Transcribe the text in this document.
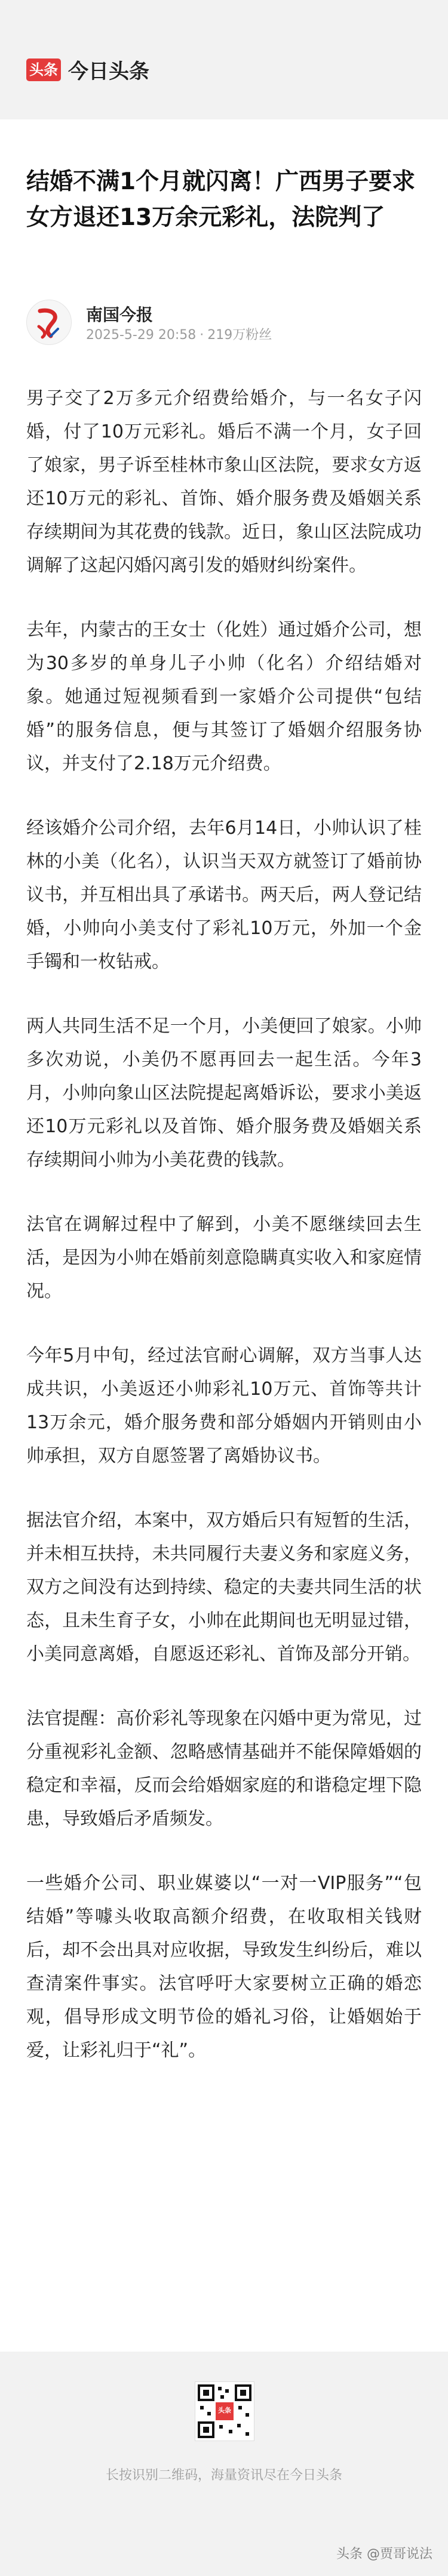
头条 今日头条
结婚不满1个月就闪离！广西男子要求女方退还13万余元彩礼，法院判了
南国今报
2025-5-29 20:58 · 219万粉丝

男子交了2万多元介绍费给婚介，与一名女子闪婚，付了10万元彩礼。婚后不满一个月，女子回了娘家，男子诉至桂林市象山区法院，要求女方返还10万元的彩礼、首饰、婚介服务费及婚姻关系存续期间为其花费的钱款。近日，象山区法院成功调解了这起闪婚闪离引发的婚财纠纷案件。

去年，内蒙古的王女士（化姓）通过婚介公司，想为30多岁的单身儿子小帅（化名）介绍结婚对象。她通过短视频看到一家婚介公司提供“包结婚”的服务信息，便与其签订了婚姻介绍服务协议，并支付了2.18万元介绍费。

经该婚介公司介绍，去年6月14日，小帅认识了桂林的小美（化名），认识当天双方就签订了婚前协议书，并互相出具了承诺书。两天后，两人登记结婚，小帅向小美支付了彩礼10万元，外加一个金手镯和一枚钻戒。

两人共同生活不足一个月，小美便回了娘家。小帅多次劝说，小美仍不愿再回去一起生活。今年3月，小帅向象山区法院提起离婚诉讼，要求小美返还10万元彩礼以及首饰、婚介服务费及婚姻关系存续期间小帅为小美花费的钱款。

法官在调解过程中了解到，小美不愿继续回去生活，是因为小帅在婚前刻意隐瞒真实收入和家庭情况。

今年5月中旬，经过法官耐心调解，双方当事人达成共识，小美返还小帅彩礼10万元、首饰等共计13万余元，婚介服务费和部分婚姻内开销则由小帅承担，双方自愿签署了离婚协议书。

据法官介绍，本案中，双方婚后只有短暂的生活，并未相互扶持，未共同履行夫妻义务和家庭义务，双方之间没有达到持续、稳定的夫妻共同生活的状态，且未生育子女，小帅在此期间也无明显过错，小美同意离婚，自愿返还彩礼、首饰及部分开销。

法官提醒：高价彩礼等现象在闪婚中更为常见，过分重视彩礼金额、忽略感情基础并不能保障婚姻的稳定和幸福，反而会给婚姻家庭的和谐稳定埋下隐患，导致婚后矛盾频发。

一些婚介公司、职业媒婆以“一对一VIP服务”“包结婚”等噱头收取高额介绍费，在收取相关钱财后，却不会出具对应收据，导致发生纠纷后，难以查清案件事实。法官呼吁大家要树立正确的婚恋观，倡导形成文明节俭的婚礼习俗，让婚姻始于爱，让彩礼归于“礼”。

头条
长按识别二维码，海量资讯尽在今日头条
头条 @贾哥说法
